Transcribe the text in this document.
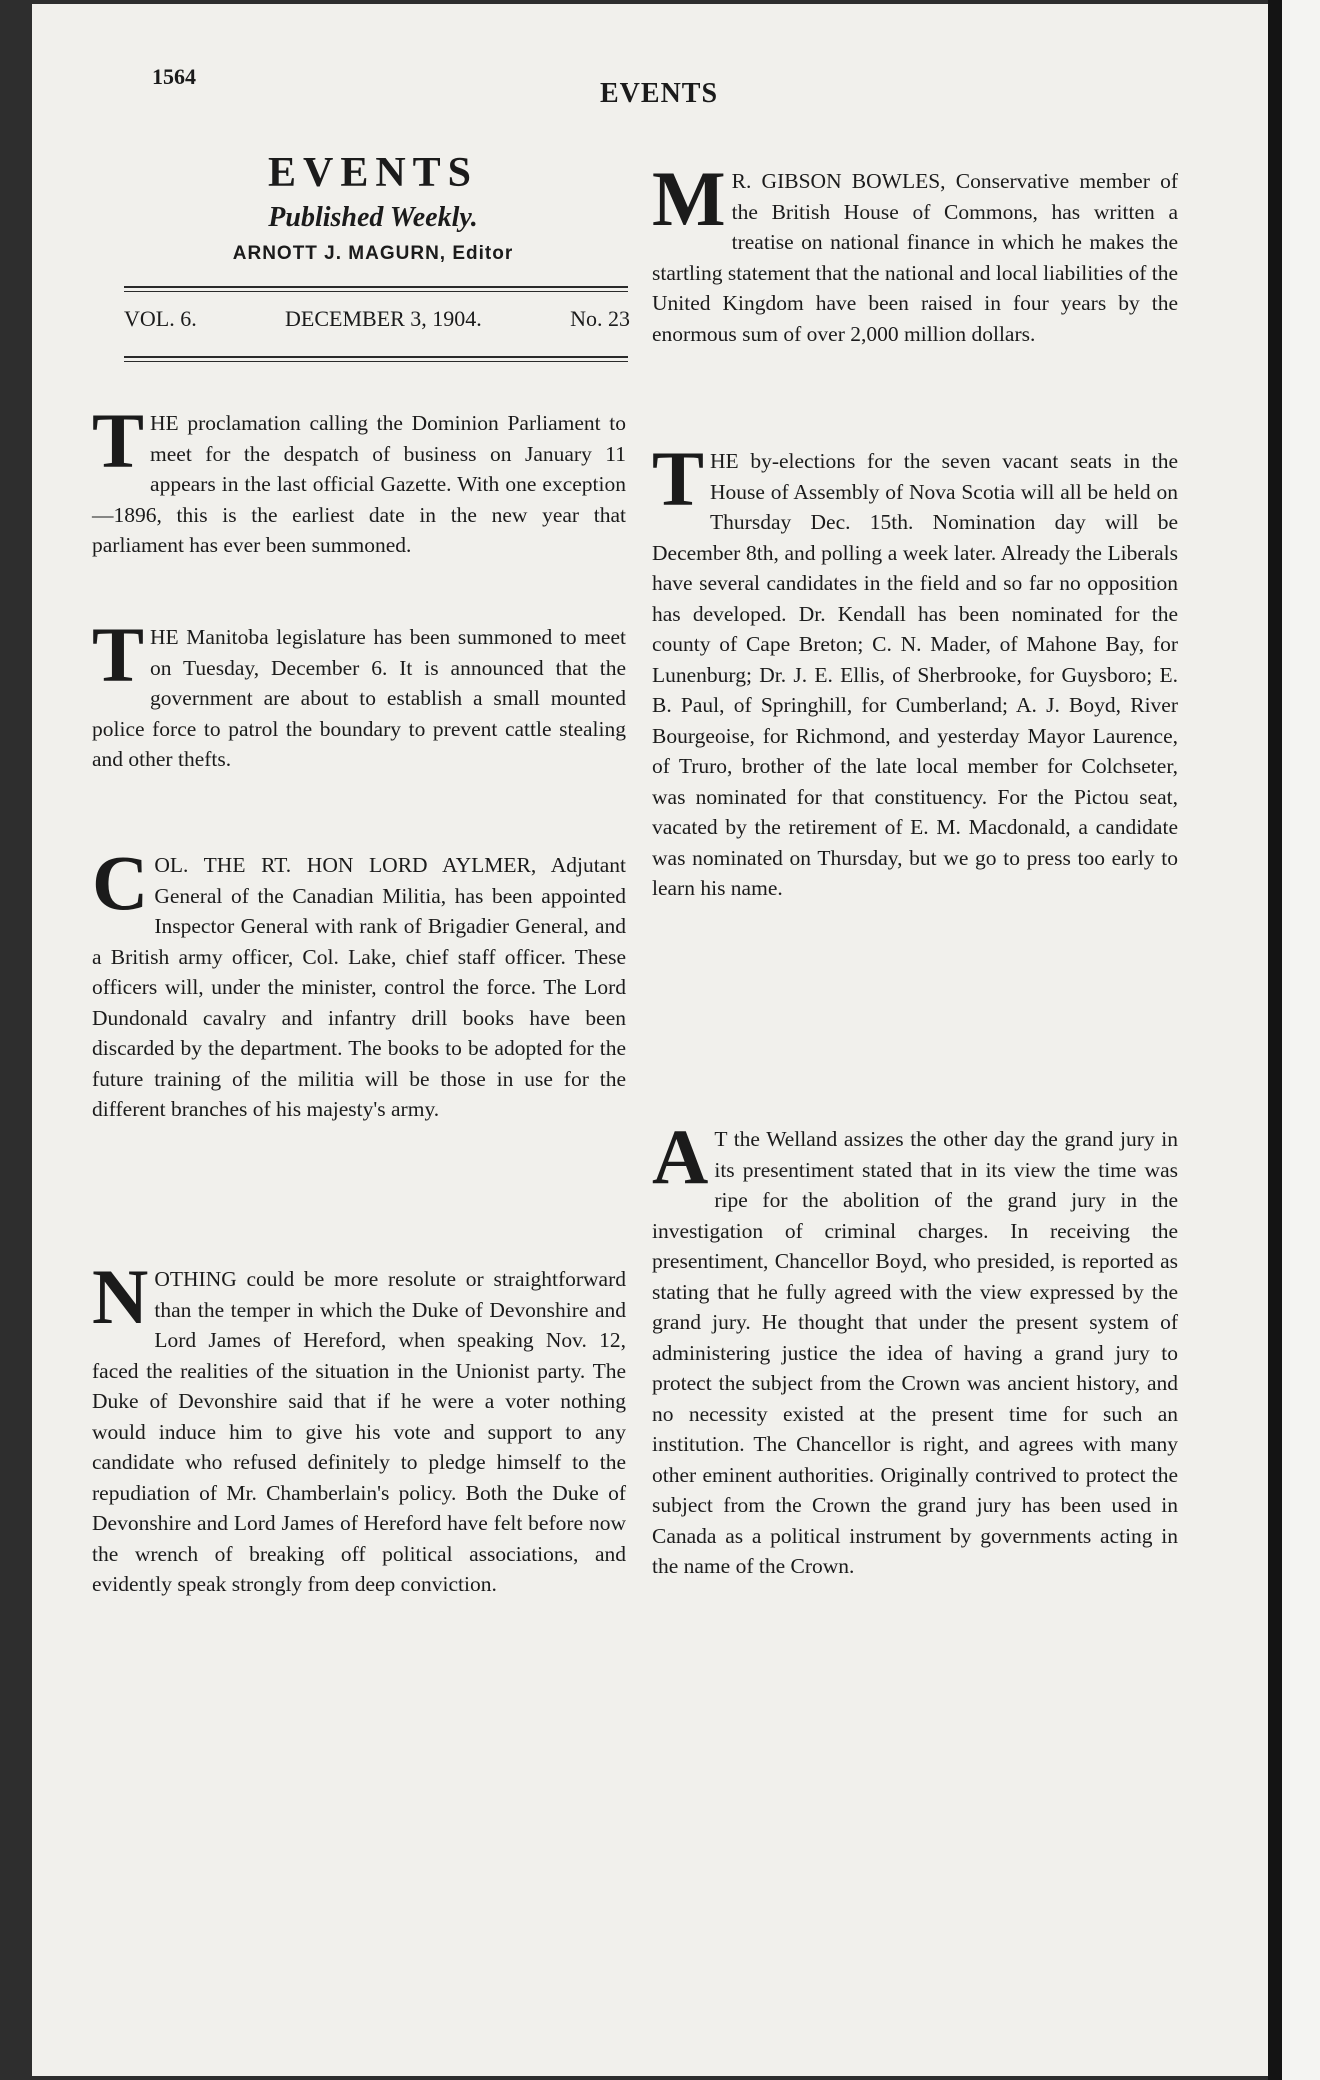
1564
EVENTS
EVENTS
Published Weekly.
ARNOTT J. MAGURN, Editor
VOL. 6.	DECEMBER 3, 1904.	No. 23

THE proclamation calling the Dominion Parliament to meet for the despatch of business on January 11 appears in the last official Gazette. With one exception—1896, this is the earliest date in the new year that parliament has ever been summoned.

THE Manitoba legislature has been summoned to meet on Tuesday, December 6. It is announced that the government are about to establish a small mounted police force to patrol the boundary to prevent cattle stealing and other thefts.

COL. THE RT. HON LORD AYLMER, Adjutant General of the Canadian Militia, has been appointed Inspector General with rank of Brigadier General, and a British army officer, Col. Lake, chief staff officer. These officers will, under the minister, control the force. The Lord Dundonald cavalry and infantry drill books have been discarded by the department. The books to be adopted for the future training of the militia will be those in use for the different branches of his majesty's army.

NOTHING could be more resolute or straightforward than the temper in which the Duke of Devonshire and Lord James of Hereford, when speaking Nov. 12, faced the realities of the situation in the Unionist party. The Duke of Devonshire said that if he were a voter nothing would induce him to give his vote and support to any candidate who refused definitely to pledge himself to the repudiation of Mr. Chamberlain's policy. Both the Duke of Devonshire and Lord James of Hereford have felt before now the wrench of breaking off political associations, and evidently speak strongly from deep conviction.

M R. GIBSON BOWLES, Conservative member of the British House of Commons, has written a treatise on national finance in which he makes the startling statement that the national and local liabilities of the United Kingdom have been raised in four years by the enormous sum of over 2,000 million dollars.

THE by-elections for the seven vacant seats in the House of Assembly of Nova Scotia will all be held on Thursday Dec. 15th. Nomination day will be December 8th, and polling a week later. Already the Liberals have several candidates in the field and so far no opposition has developed. Dr. Kendall has been nominated for the county of Cape Breton; C. N. Mader, of Mahone Bay, for Lunenburg; Dr. J. E. Ellis, of Sherbrooke, for Guysboro; E. B. Paul, of Springhill, for Cumberland; A. J. Boyd, River Bourgeoise, for Richmond, and yesterday Mayor Laurence, of Truro, brother of the late local member for Colchseter, was nominated for that constituency. For the Pictou seat, vacated by the retirement of E. M. Macdonald, a candidate was nominated on Thursday, but we go to press too early to learn his name.

A T the Welland assizes the other day the grand jury in its presentiment stated that in its view the time was ripe for the abolition of the grand jury in the investigation of criminal charges. In receiving the presentiment, Chancellor Boyd, who presided, is reported as stating that he fully agreed with the view expressed by the grand jury. He thought that under the present system of administering justice the idea of having a grand jury to protect the subject from the Crown was ancient history, and no necessity existed at the present time for such an institution. The Chancellor is right, and agrees with many other eminent authorities. Originally contrived to protect the subject from the Crown the grand jury has been used in Canada as a political instrument by governments acting in the name of the Crown.
